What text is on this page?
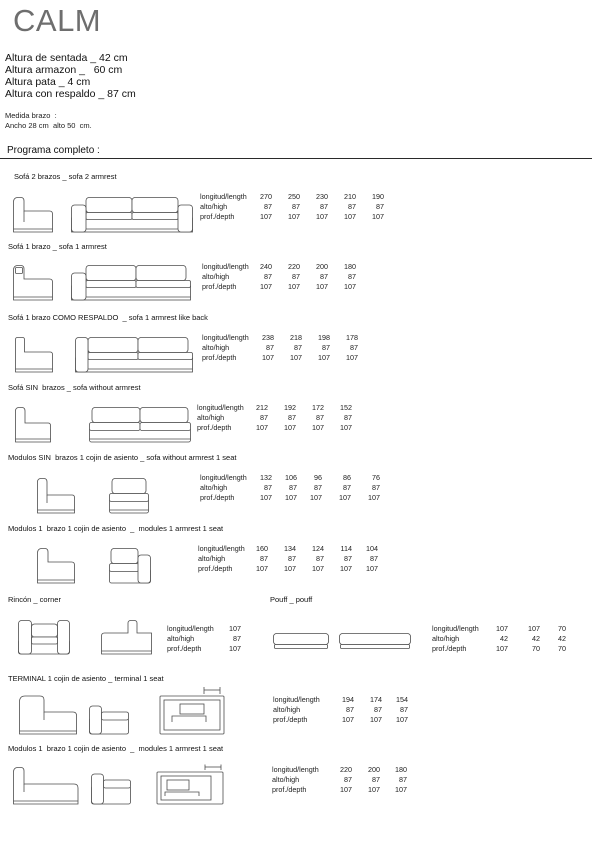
CALM
Altura de sentada _ 42 cm
Altura armazon _   60 cm
Altura pata _ 4 cm
Altura con respaldo _ 87 cm
Medida brazo  :
Ancho 28 cm  alto 50  cm.
Programa completo :
Sofá 2 brazos _ sofa 2 armrest
Sofá 1 brazo _ sofa 1 armrest
Sofá 1 brazo COMO RESPALDO  _ sofa 1 armrest like back
Sofá SIN  brazos _ sofa without armrest
Modulos SIN  brazos 1 cojin de asiento _ sofa without armrest 1 seat
Modulos 1  brazo 1 cojin de asiento  _  modules 1 armrest 1 seat
Rincón _ corner	Pouff _ pouff
TERMINAL 1 cojin de asiento _ terminal 1 seat
Modulos 1  brazo 1 cojin de asiento  _  modules 1 armrest 1 seat
longitud/length	270	250	230	210	190
alto/high	87	87	87	87	87
prof./depth	107	107	107	107	107
longitud/length	240	220	200	180
alto/high	87	87	87	87
prof./depth	107	107	107	107
longitud/length	238	218	198	178
alto/high	87	87	87	87
prof./depth	107	107	107	107
longitud/length	212	192	172	152
alto/high	87	87	87	87
prof./depth	107	107	107	107
longitud/length	132	106	96	86	76
alto/high	87	87	87	87	87
prof./depth	107	107	107	107	107
longitud/length	160	134	124	114	104
alto/high	87	87	87	87	87
prof./depth	107	107	107	107	107
longitud/length	107
alto/high	87
prof./depth	107
longitud/length	107	107	70
alto/high	42	42	42
prof./depth	107	70	70
longitud/length	194	174	154
alto/high	87	87	87
prof./depth	107	107	107
longitud/length	220	200	180
alto/high	87	87	87
prof./depth	107	107	107
